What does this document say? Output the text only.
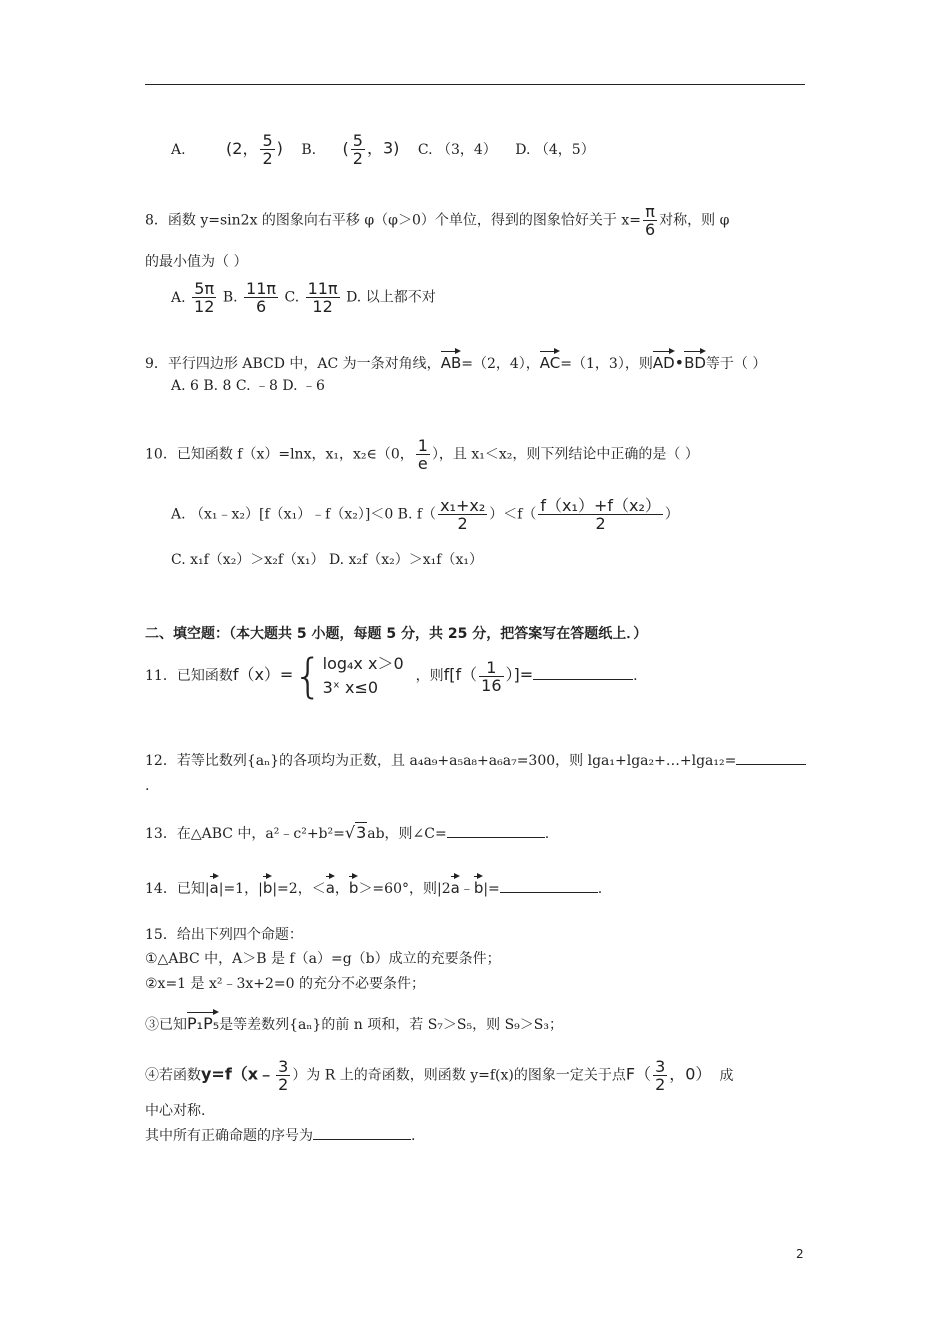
A.	(2， $\frac{5}{2}$ ) B. ( $\frac{5}{2}$ ，3) C. （3，4） D. （4，5）
8．函数 y=sin2x 的图象向右平移 φ（φ＞0）个单位，得到的图象恰好关于 $x= \frac{\pi}{6}$ 对称，则 φ
的最小值为（ ）
A. $\frac{5\pi}{12} B$. $\frac{11\pi}{6} C$. $\frac{11\pi}{12} D$. 以上都不对
9．平行四边形 ABCD 中，AC 为一条对角线，AB=（2，4），AC=（1，3），则AD•BD等于（ ）
A. 6 B. 8 C. ﹣8 D. ﹣6
10．已知函数 f（x）=lnx，x₁，x₂∈（0， $\frac{1}{e}$ ），且 x₁＜x₂，则下列结论中正确的是（ ）
A. （x₁﹣x₂）[f（x₁）﹣f（x₂）]＜0 B. $f( \frac{\text{x₁+x₂}}{2} )<f( \frac{\text{f（x₁）+f（x₂）}}{2}$ ）
C. x₁f（x₂）＞x₂f（x₁） D. x₂f（x₂）＞x₁f（x₁）
二、填空题：（本大题共 5 小题，每题 5 分，共 25 分，把答案写在答题纸上．）
11．已知函数f（x）={ log₄x x＞0
3ˣ x≤0
，则$f[f( \frac{1}{16}$ ）]=	.
12．若等比数列{aₙ}的各项均为正数，且 a₄a₉+a₅a₈+a₆a₇=300，则 lga₁+lga₂+…+lga₁₂=
.
13．在△ABC 中，a²﹣c²+b²=√3ab，则∠C=	.
14．已知|a|=1，|b|=2，＜a，b＞=60°，则|2a﹣b|=	.
15．给出下列四个命题：
①△ABC 中，A＞B 是 f（a）=g（b）成立的充要条件；
②x=1 是 x²﹣3x+2=0 的充分不必要条件；
③已知P₁P₅是等差数列{aₙ}的前 n 项和，若 S₇＞S₅，则 S₉＞S₃；
④若函数y=f（x﹣ $\frac{3}{2}$ ）为 R 上的奇函数，则函数 y=f(x)的图象一定关于点$F( \frac{3}{2}$ ，0） 成
中心对称.
其中所有正确命题的序号为	.
2
